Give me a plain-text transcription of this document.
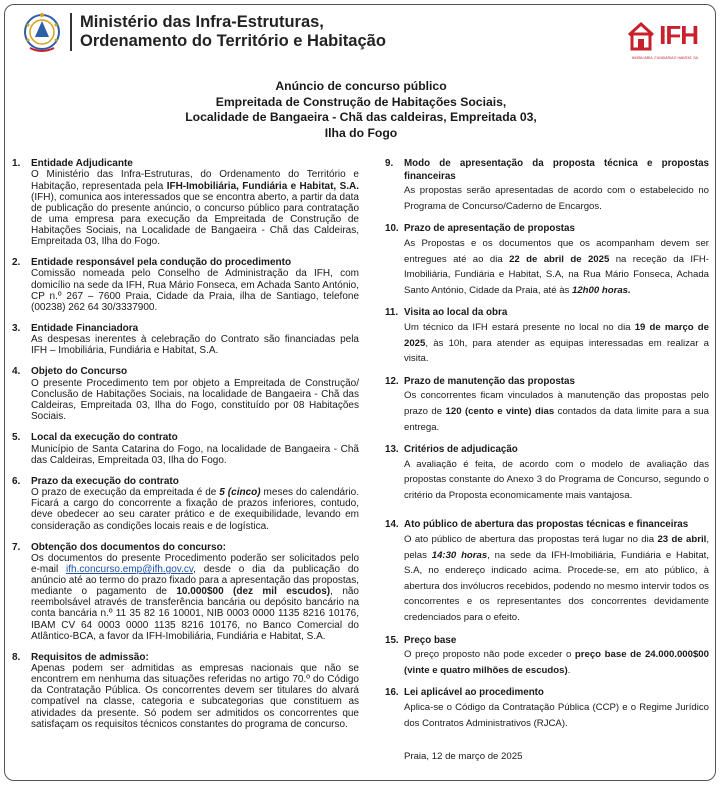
Ministério das Infra-Estruturas,
Ordenamento do Território e Habitação	IFH
IMOBILIÁRIA, FUNDIÁRIA E HABITAT, SA
Anúncio de concurso público
Empreitada de Construção de Habitações Sociais,
Localidade de Bangaeira - Chã das caldeiras, Empreitada 03,
Ilha do Fogo
1.	Entidade Adjudicante
O Ministério das Infra-Estruturas, do Ordenamento do Território e Habitação, representada pela IFH-Imobiliária, Fundiária e Habitat, S.A. (IFH), comunica aos interessados que se encontra aberto, a partir da data de publicação do presente anúncio, o concurso público para contratação de uma empresa para execução da Empreitada de Construção de Habitações Sociais, na Localidade de Bangaeira - Chã das Caldeiras, Empreitada 03, Ilha do Fogo.
2.	Entidade responsável pela condução do procedimento
Comissão nomeada pelo Conselho de Administração da IFH, com domicílio na sede da IFH, Rua Mário Fonseca, em Achada Santo António, CP n.º 267 – 7600 Praia, Cidade da Praia, ilha de Santiago, telefone (00238) 262 64 30/3337900.
3.	Entidade Financiadora
As despesas inerentes à celebração do Contrato são financiadas pela IFH – Imobiliária, Fundiária e Habitat, S.A.
4.	Objeto do Concurso
O presente Procedimento tem por objeto a Empreitada de Construção/ Conclusão de Habitações Sociais, na localidade de Bangaeira - Chã das Caldeiras, Empreitada 03, Ilha do Fogo, constituído por 08 Habitações Sociais.
5.	Local da execução do contrato
Município de Santa Catarina do Fogo, na localidade de Bangaeira - Chã das Caldeiras, Empreitada 03, Ilha do Fogo.
6.	Prazo da execução do contrato
O prazo de execução da empreitada é de 5 (cinco) meses do calendário. Ficará a cargo do concorrente a fixação de prazos inferiores, contudo, deve obedecer ao seu carater prático e de exequibilidade, levando em consideração as condições locais reais e de logística.
7.	Obtenção dos documentos do concurso:
Os documentos do presente Procedimento poderão ser solicitados pelo e-mail ifh.concurso.emp@ifh.gov.cv, desde o dia da publicação do anúncio até ao termo do prazo fixado para a apresentação das propostas, mediante o pagamento de 10.000$00 (dez mil escudos), não reembolsável através de transferência bancária ou depósito bancário na conta bancária n.º 11 35 82 16 10001, NIB 0003 0000 1135 8216 10176, IBAM CV 64 0003 0000 1135 8216 10176, no Banco Comercial do Atlântico-BCA, a favor da IFH-Imobiliária, Fundiária e Habitat, S.A.
8.	Requisitos de admissão:
Apenas podem ser admitidas as empresas nacionais que não se encontrem em nenhuma das situações referidas no artigo 70.º do Código da Contratação Pública. Os concorrentes devem ser titulares do alvará compatível na classe, categoria e subcategorias que constituem as atividades da presente. Só podem ser admitidos os concorrentes que satisfaçam os requisitos técnicos constantes do programa de concurso.
9.	Modo de apresentação da proposta técnica e propostas financeiras
As propostas serão apresentadas de acordo com o estabelecido no Programa de Concurso/Caderno de Encargos.
10. Prazo de apresentação de propostas
As Propostas e os documentos que os acompanham devem ser entregues até ao dia 22 de abril de 2025 na receção da IFH- Imobiliária, Fundiária e Habitat, S.A, na Rua Mário Fonseca, Achada Santo António, Cidade da Praia, até às 12h00 horas.
11. Visita ao local da obra
Um técnico da IFH estará presente no local no dia 19 de março de 2025, às 10h, para atender as equipas interessadas em realizar a visita.
12. Prazo de manutenção das propostas
Os concorrentes ficam vinculados à manutenção das propostas pelo prazo de 120 (cento e vinte) dias contados da data limite para a sua entrega.
13. Critérios de adjudicação
A avaliação é feita, de acordo com o modelo de avaliação das propostas constante do Anexo 3 do Programa de Concurso, segundo o critério da Proposta economicamente mais vantajosa.
14. Ato público de abertura das propostas técnicas e financeiras
O ato público de abertura das propostas terá lugar no dia 23 de abril, pelas 14:30 horas, na sede da IFH-Imobiliária, Fundiária e Habitat, S.A, no endereço indicado acima. Procede-se, em ato público, à abertura dos invólucros recebidos, podendo no mesmo intervir todos os concorrentes e os representantes dos concorrentes devidamente credenciados para o efeito.
15. Preço base
O preço proposto não pode exceder o preço base de 24.000.000$00 (vinte e quatro milhões de escudos).
16. Lei aplicável ao procedimento
Aplica-se o Código da Contratação Pública (CCP) e o Regime Jurídico dos Contratos Administrativos (RJCA).
Praia, 12 de março de 2025
